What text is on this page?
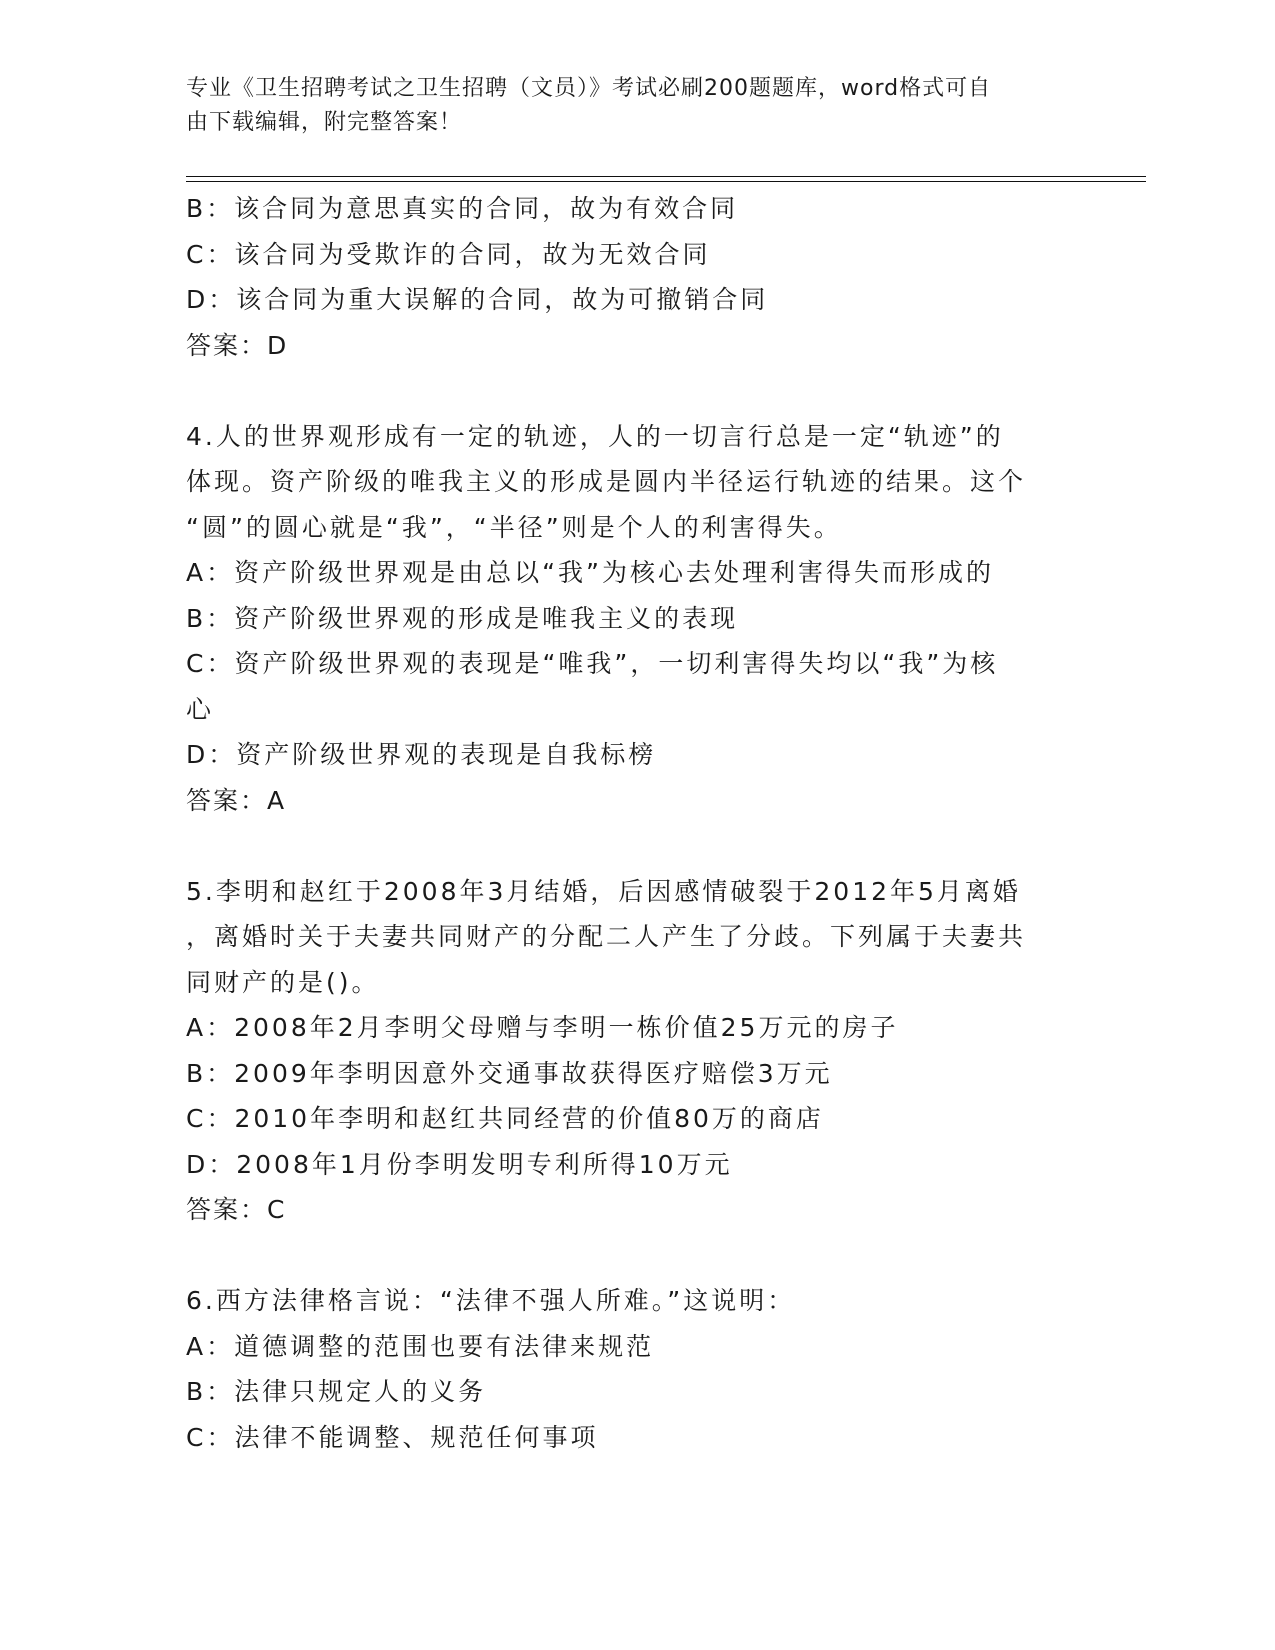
专业《卫生招聘考试之卫生招聘（文员）》考试必刷200题题库，word格式可自
由下载编辑，附完整答案！
B：该合同为意思真实的合同，故为有效合同
C：该合同为受欺诈的合同，故为无效合同
D：该合同为重大误解的合同，故为可撤销合同
答案：D
4.人的世界观形成有一定的轨迹，人的一切言行总是一定“轨迹”的
体现。资产阶级的唯我主义的形成是圆内半径运行轨迹的结果。这个
“圆”的圆心就是“我”，“半径”则是个人的利害得失。
A：资产阶级世界观是由总以“我”为核心去处理利害得失而形成的
B：资产阶级世界观的形成是唯我主义的表现
C：资产阶级世界观的表现是“唯我”，一切利害得失均以“我”为核
心
D：资产阶级世界观的表现是自我标榜
答案：A
5.李明和赵红于2008年3月结婚，后因感情破裂于2012年5月离婚
，离婚时关于夫妻共同财产的分配二人产生了分歧。下列属于夫妻共
同财产的是()。
A：2008年2月李明父母赠与李明一栋价值25万元的房子
B：2009年李明因意外交通事故获得医疗赔偿3万元
C：2010年李明和赵红共同经营的价值80万的商店
D：2008年1月份李明发明专利所得10万元
答案：C
6.西方法律格言说：“法律不强人所难。”这说明：
A：道德调整的范围也要有法律来规范
B：法律只规定人的义务
C：法律不能调整、规范任何事项
